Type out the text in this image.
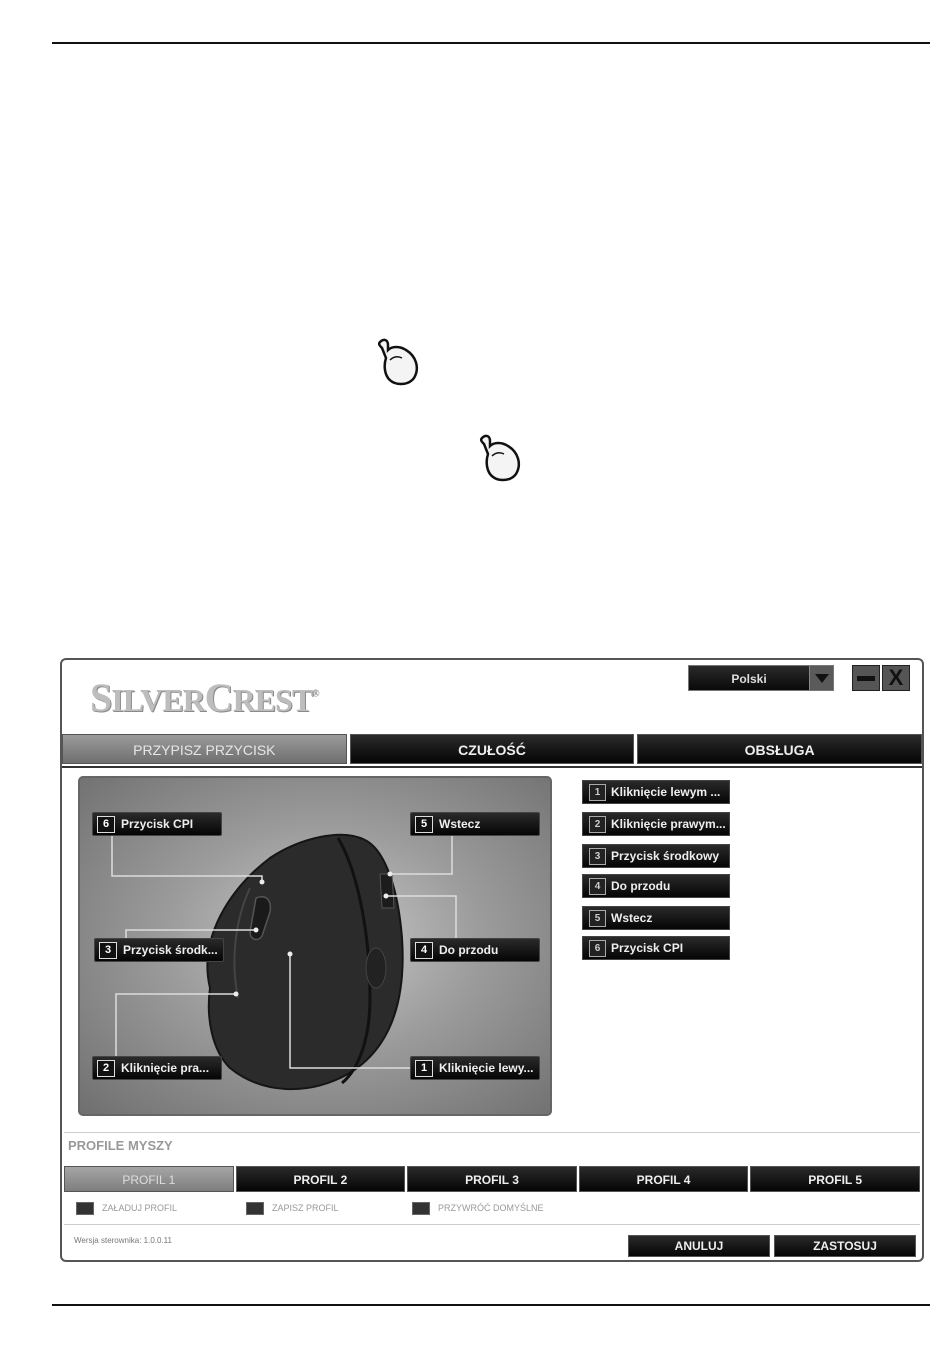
SILVERCREST®
Polski	X
PRZYPISZ PRZYCISK	CZUŁOŚĆ	OBSŁUGA
6 Przycisk CPI	5 Wstecz
3 Przycisk środk...	4 Do przodu
2 Kliknięcie pra...	1 Kliknięcie lewy...
1 Kliknięcie lewym ...
2 Kliknięcie prawym...
3 Przycisk środkowy
4 Do przodu
5 Wstecz
6 Przycisk CPI
PROFILE MYSZY
PROFIL 1	PROFIL 2	PROFIL 3	PROFIL 4	PROFIL 5
ZAŁADUJ PROFIL	ZAPISZ PROFIL	PRZYWRÓĆ DOMYŚLNE
Wersja sterownika: 1.0.0.11	ANULUJ	ZASTOSUJ
